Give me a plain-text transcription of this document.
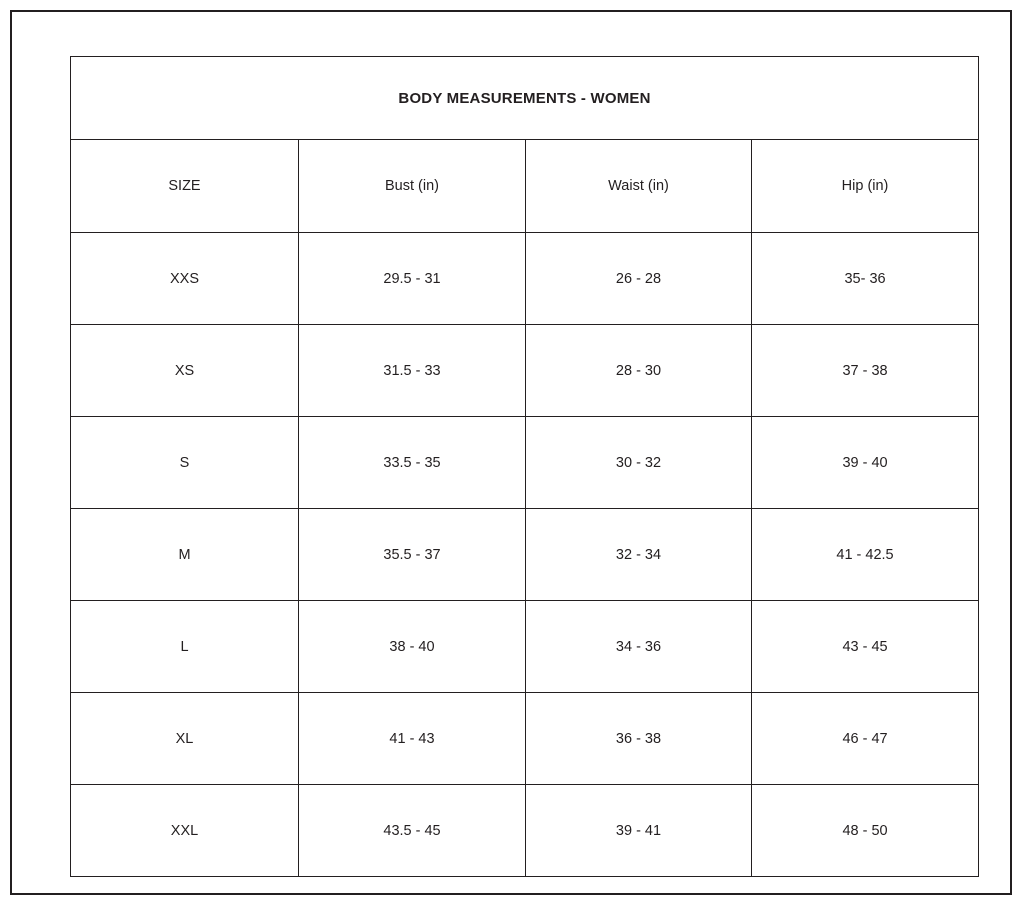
BODY MEASUREMENTS - WOMEN			
SIZE	Bust (in)	Waist (in)	Hip (in)
XXS	29.5 - 31	26 - 28	35- 36
XS	31.5 - 33	28 - 30	37 - 38
S	33.5 - 35	30 - 32	39 - 40
M	35.5 - 37	32 - 34	41 - 42.5
L	38 - 40	34 - 36	43 - 45
XL	41 - 43	36 - 38	46 - 47
XXL	43.5 - 45	39 - 41	48 - 50
